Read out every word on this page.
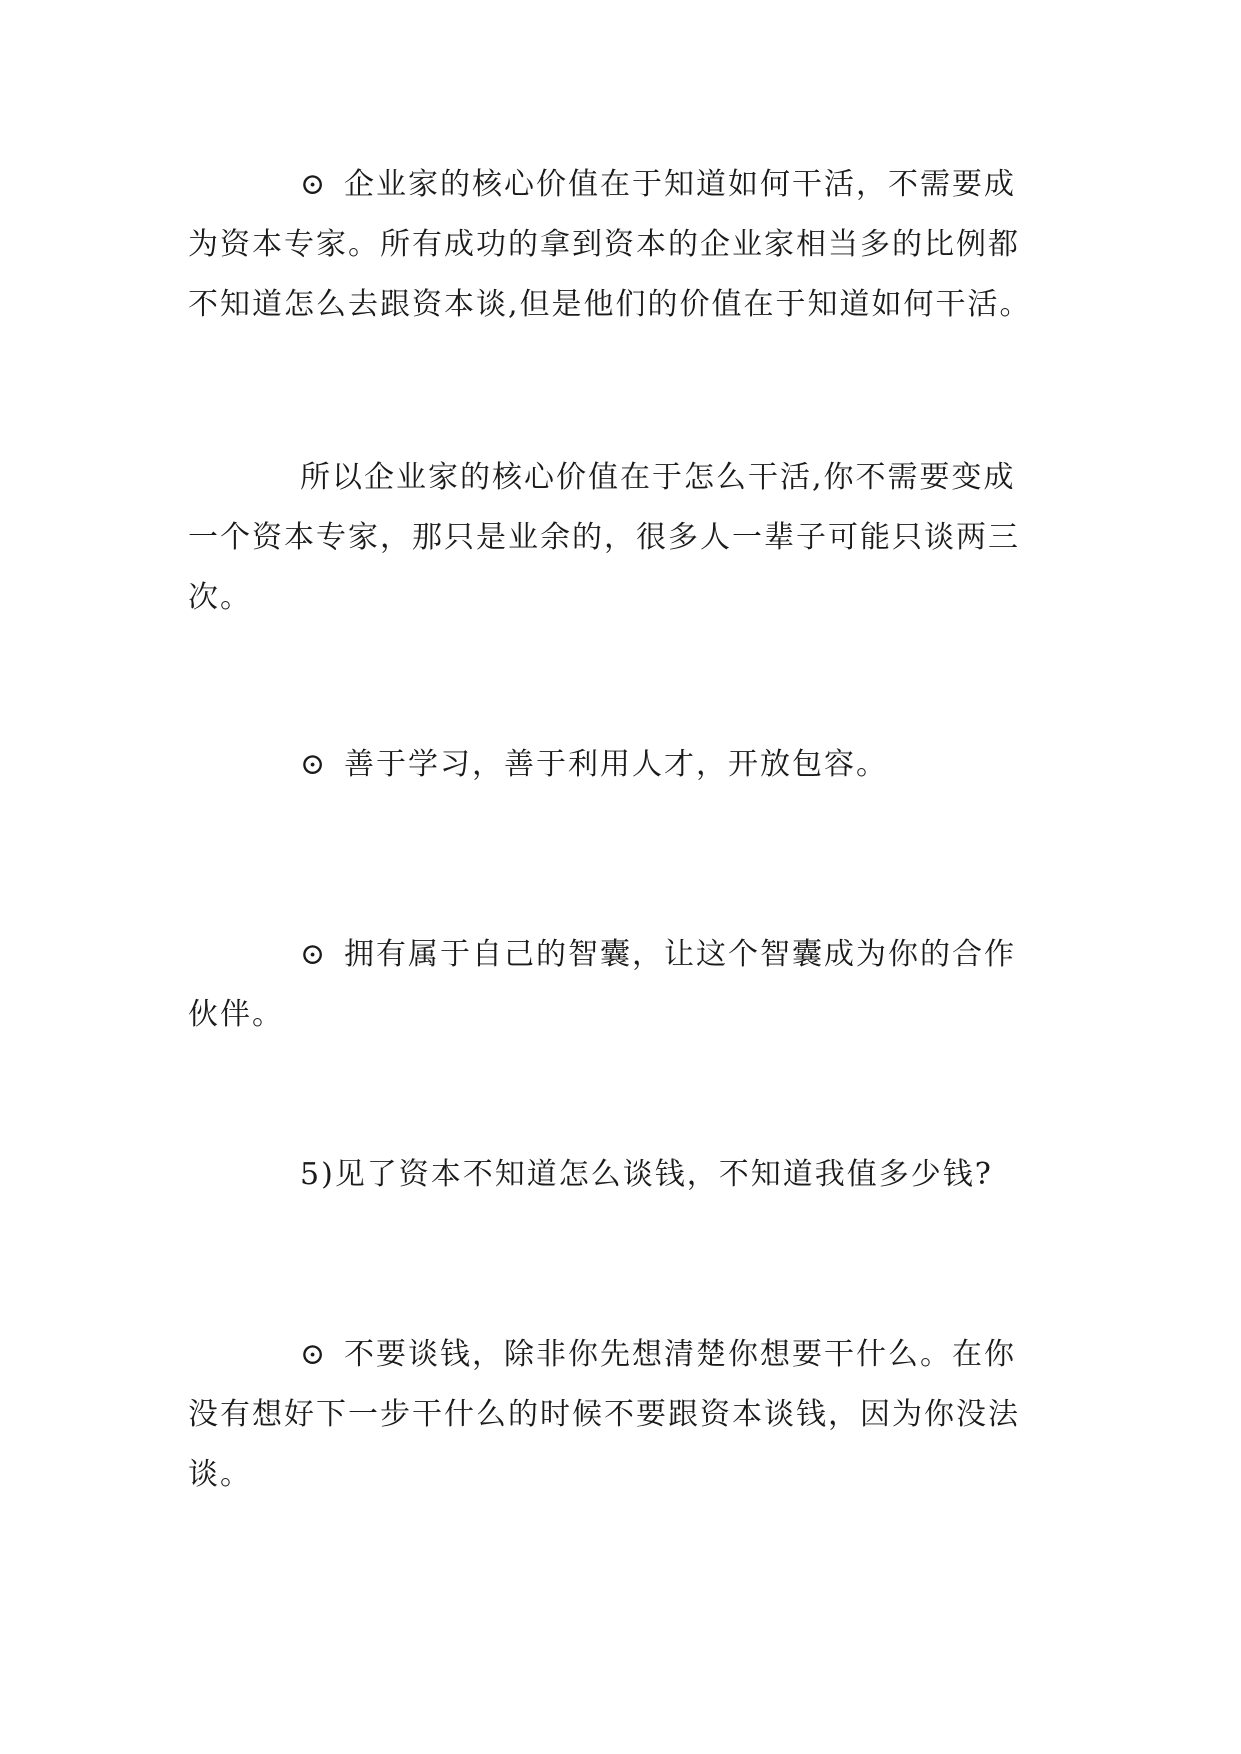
⊙ 企业家的核心价值在于知道如何干活，不需要成
为资本专家。所有成功的拿到资本的企业家相当多的比例都
不知道怎么去跟资本谈,但是他们的价值在于知道如何干活。

所以企业家的核心价值在于怎么干活,你不需要变成
一个资本专家，那只是业余的，很多人一辈子可能只谈两三
次。

⊙ 善于学习，善于利用人才，开放包容。

⊙ 拥有属于自己的智囊，让这个智囊成为你的合作
伙伴。

5)见了资本不知道怎么谈钱，不知道我值多少钱?

⊙ 不要谈钱，除非你先想清楚你想要干什么。在你
没有想好下一步干什么的时候不要跟资本谈钱，因为你没法
谈。
